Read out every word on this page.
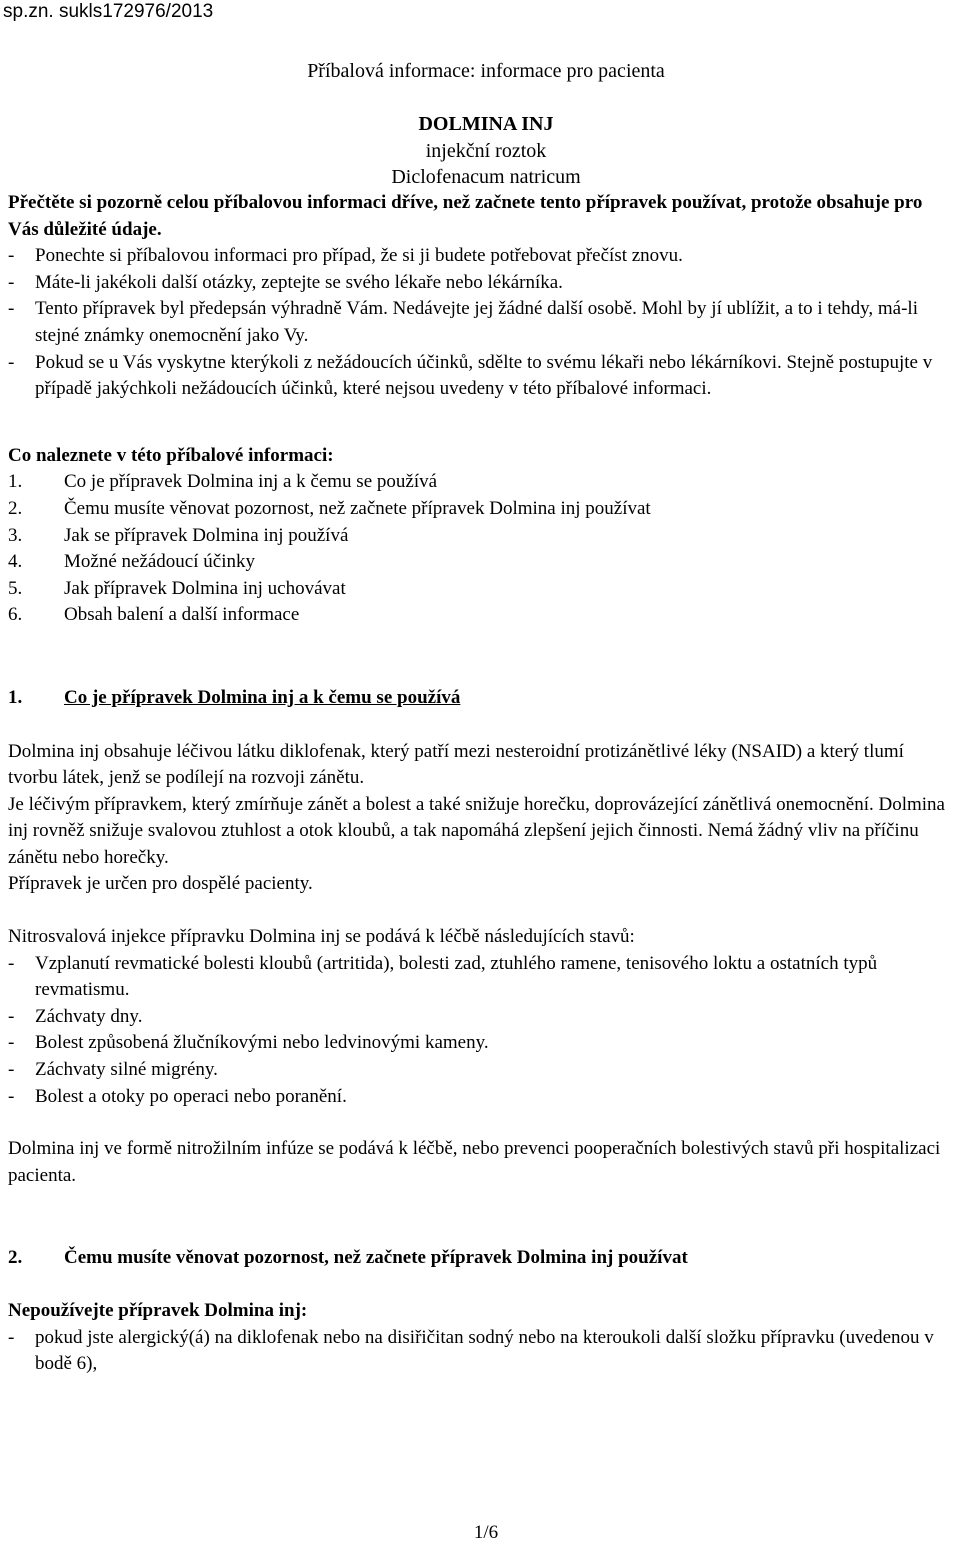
sp.zn. sukls172976/2013
Příbalová informace: informace pro pacienta
DOLMINA INJ
injekční roztok
Diclofenacum natricum

Přečtěte si pozorně celou příbalovou informaci dříve, než začnete tento přípravek používat, protože obsahuje pro Vás důležité údaje.

- Ponechte si příbalovou informaci pro případ, že si ji budete potřebovat přečíst znovu.
- Máte-li jakékoli další otázky, zeptejte se svého lékaře nebo lékárníka.
- Tento přípravek byl předepsán výhradně Vám. Nedávejte jej žádné další osobě. Mohl by jí ublížit, a to i tehdy, má-li stejné známky onemocnění jako Vy.
- Pokud se u Vás vyskytne kterýkoli z nežádoucích účinků, sdělte to svému lékaři nebo lékárníkovi. Stejně postupujte v případě jakýchkoli nežádoucích účinků, které nejsou uvedeny v této příbalové informaci.

Co naleznete v této příbalové informaci:

1. Co je přípravek Dolmina inj a k čemu se používá
2. Čemu musíte věnovat pozornost, než začnete přípravek Dolmina inj používat
3. Jak se přípravek Dolmina inj používá
4. Možné nežádoucí účinky
5. Jak přípravek Dolmina inj uchovávat
6. Obsah balení a další informace
1. Co je přípravek Dolmina inj a k čemu se používá

Dolmina inj obsahuje léčivou látku diklofenak, který patří mezi nesteroidní protizánětlivé léky (NSAID) a který tlumí tvorbu látek, jenž se podílejí na rozvoji zánětu.

Je léčivým přípravkem, který zmírňuje zánět a bolest a také snižuje horečku, doprovázející zánětlivá onemocnění. Dolmina inj rovněž snižuje svalovou ztuhlost a otok kloubů, a tak napomáhá zlepšení jejich činnosti. Nemá žádný vliv na příčinu zánětu nebo horečky.

Přípravek je určen pro dospělé pacienty.

Nitrosvalová injekce přípravku Dolmina inj se podává k léčbě následujících stavů:

- Vzplanutí revmatické bolesti kloubů (artritida), bolesti zad, ztuhlého ramene, tenisového loktu a ostatních typů revmatismu.
- Záchvaty dny.
- Bolest způsobená žlučníkovými nebo ledvinovými kameny.
- Záchvaty silné migrény.
- Bolest a otoky po operaci nebo poranění.

Dolmina inj ve formě nitrožilním infúze se podává k léčbě, nebo prevenci pooperačních bolestivých stavů při hospitalizaci pacienta.

2. Čemu musíte věnovat pozornost, než začnete přípravek Dolmina inj používat

Nepoužívejte přípravek Dolmina inj:

- pokud jste alergický(á) na diklofenak nebo na disiřičitan sodný nebo na kteroukoli další složku přípravku (uvedenou v bodě 6),
1/6
